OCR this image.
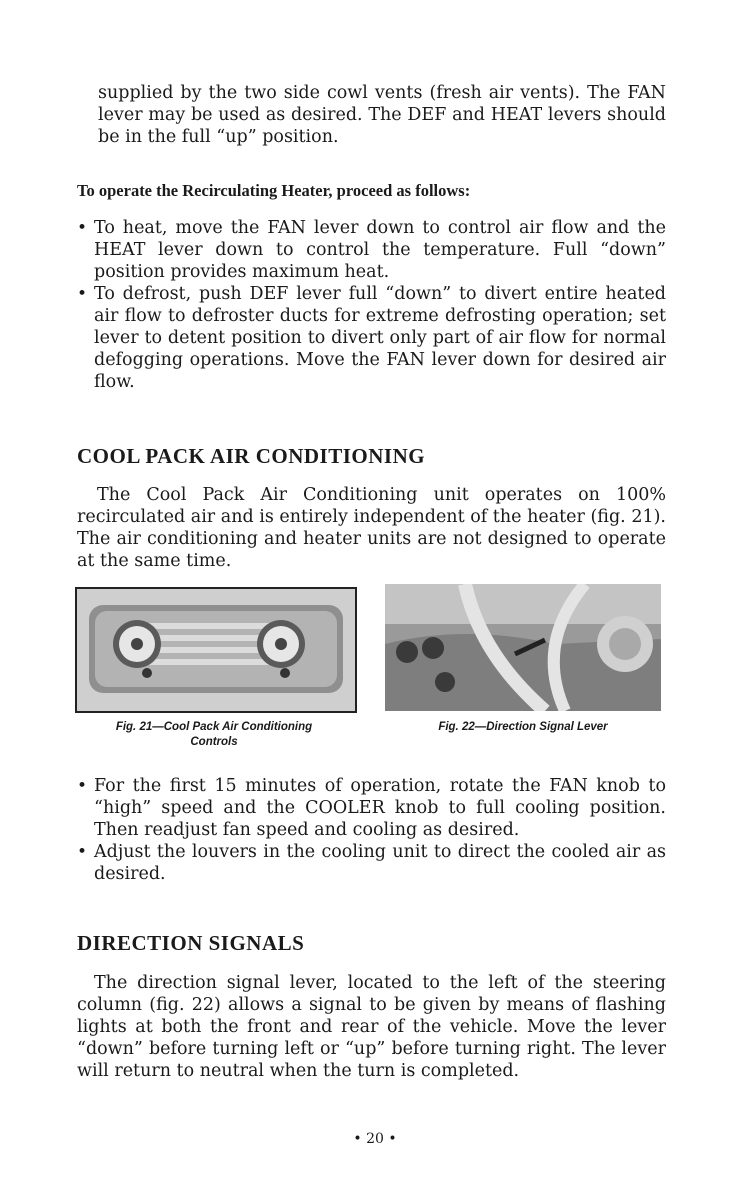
supplied by the two side cowl vents (fresh air vents). The FAN lever may be used as desired. The DEF and HEAT levers should be in the full “up” position.

To operate the Recirculating Heater, proceed as follows:

• To heat, move the FAN lever down to control air flow and the HEAT lever down to control the temperature. Full “down” position provides maximum heat.
• To defrost, push DEF lever full “down” to divert entire heated air flow to defroster ducts for extreme defrosting operation; set lever to detent position to divert only part of air flow for normal defogging operations. Move the FAN lever down for desired air flow.
COOL PACK AIR CONDITIONING

The Cool Pack Air Conditioning unit operates on 100% recirculated air and is entirely independent of the heater (fig. 21). The air conditioning and heater units are not designed to operate at the same time.

Fig. 21—Cool Pack Air Conditioning
Controls

Fig. 22—Direction Signal Lever

• For the first 15 minutes of operation, rotate the FAN knob to “high” speed and the COOLER knob to full cooling position. Then readjust fan speed and cooling as desired.
• Adjust the louvers in the cooling unit to direct the cooled air as desired.
DIRECTION SIGNALS

The direction signal lever, located to the left of the steering column (fig. 22) allows a signal to be given by means of flashing lights at both the front and rear of the vehicle. Move the lever “down” before turning left or “up” before turning right. The lever will return to neutral when the turn is completed.

• 20 •
